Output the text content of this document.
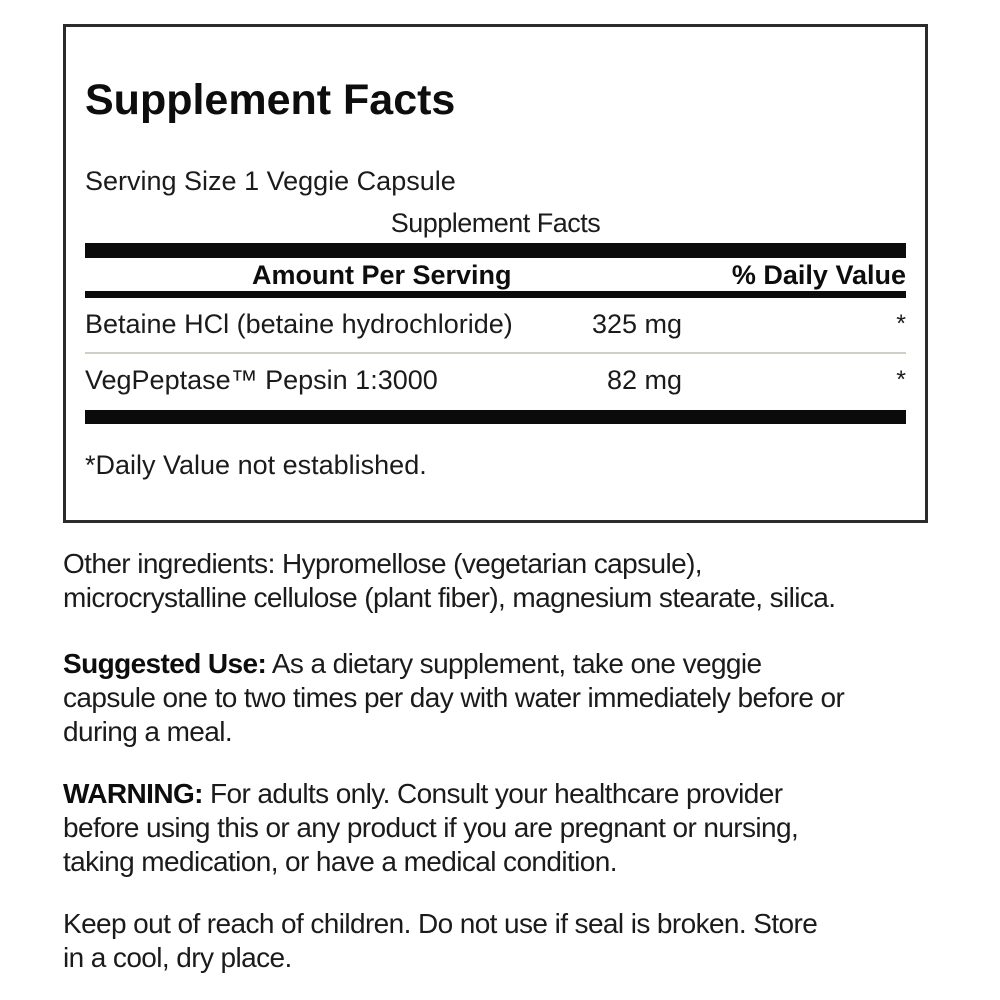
Supplement Facts
Serving Size 1 Veggie Capsule
Supplement Facts
Amount Per Serving	% Daily Value
Betaine HCl (betaine hydrochloride)	325 mg	*
VegPeptase™ Pepsin 1:3000	82 mg	*
*Daily Value not established.

Other ingredients: Hypromellose (vegetarian capsule),
microcrystalline cellulose (plant fiber), magnesium stearate, silica.

Suggested Use: As a dietary supplement, take one veggie
capsule one to two times per day with water immediately before or
during a meal.

WARNING: For adults only. Consult your healthcare provider
before using this or any product if you are pregnant or nursing,
taking medication, or have a medical condition.

Keep out of reach of children. Do not use if seal is broken. Store
in a cool, dry place.
